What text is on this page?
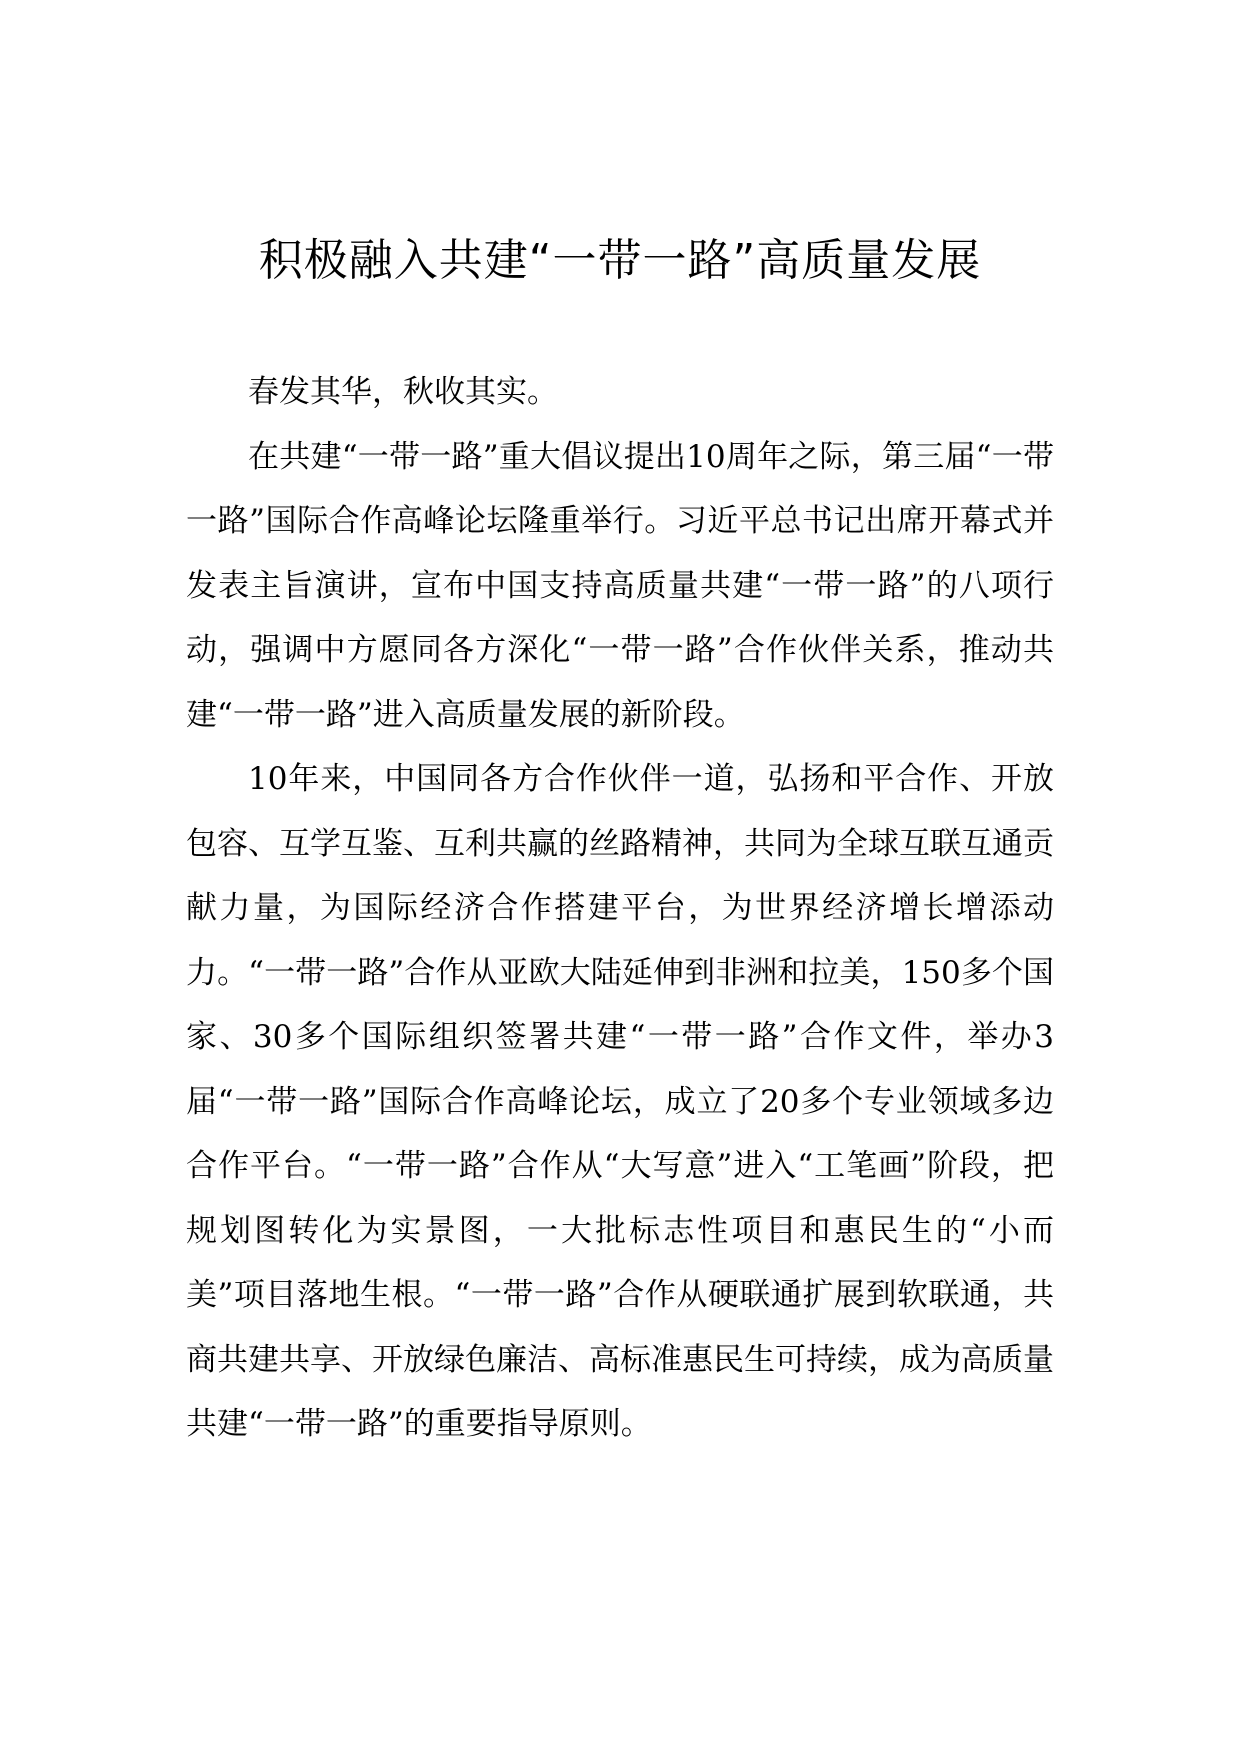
积极融入共建“一带一路”高质量发展

春发其华，秋收其实。

在共建“一带一路”重大倡议提出10周年之际，第三届“一带一路”国际合作高峰论坛隆重举行。习近平总书记出席开幕式并发表主旨演讲，宣布中国支持高质量共建“一带一路”的八项行动，强调中方愿同各方深化“一带一路”合作伙伴关系，推动共建“一带一路”进入高质量发展的新阶段。

10年来，中国同各方合作伙伴一道，弘扬和平合作、开放包容、互学互鉴、互利共赢的丝路精神，共同为全球互联互通贡献力量，为国际经济合作搭建平台，为世界经济增长增添动力。“一带一路”合作从亚欧大陆延伸到非洲和拉美，150多个国家、30多个国际组织签署共建“一带一路”合作文件，举办3届“一带一路”国际合作高峰论坛，成立了20多个专业领域多边合作平台。“一带一路”合作从“大写意”进入“工笔画”阶段，把规划图转化为实景图，一大批标志性项目和惠民生的“小而美”项目落地生根。“一带一路”合作从硬联通扩展到软联通，共商共建共享、开放绿色廉洁、高标准惠民生可持续，成为高质量共建“一带一路”的重要指导原则。
